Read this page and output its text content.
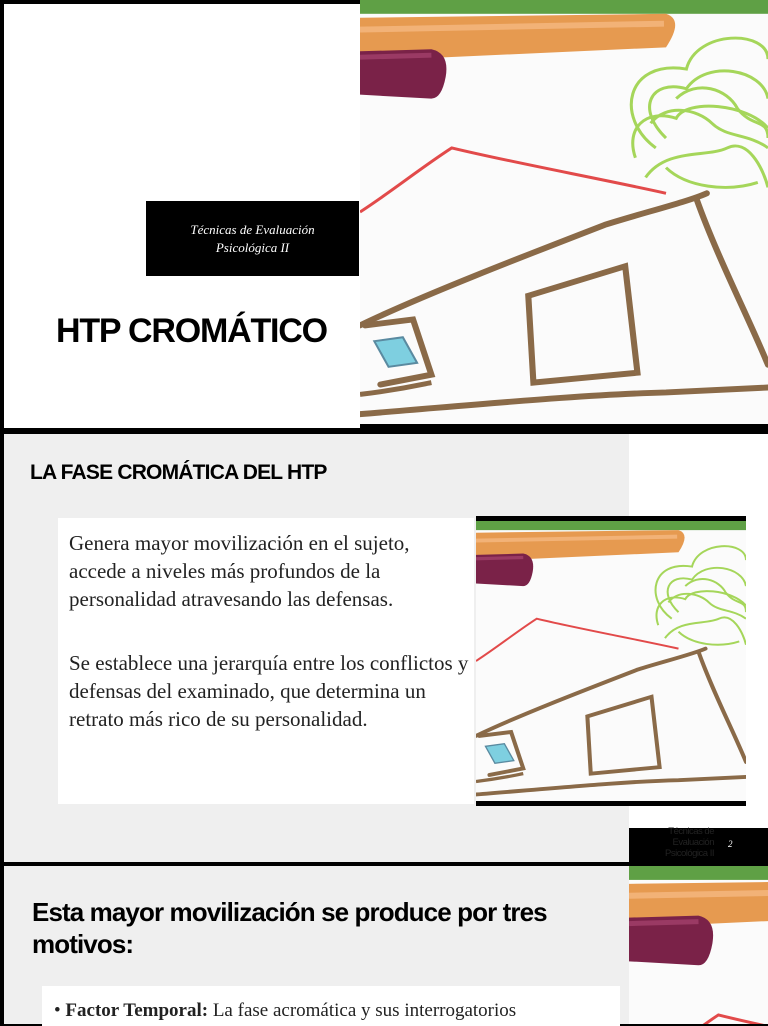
Técnicas de Evaluación
Psicológica II
HTP CROMÁTICO
LA FASE CROMÁTICA DEL HTP

Genera mayor movilización en el sujeto, accede a niveles más profundos de la personalidad atravesando las defensas.

Se establece una jerarquía entre los conflictos y defensas del examinado, que determina un retrato más rico de su personalidad.

Técnicas de
Evaluación
Psicológica II
2
Esta mayor movilización se produce por tres motivos:
• Factor Temporal: La fase acromática y sus interrogatorios
